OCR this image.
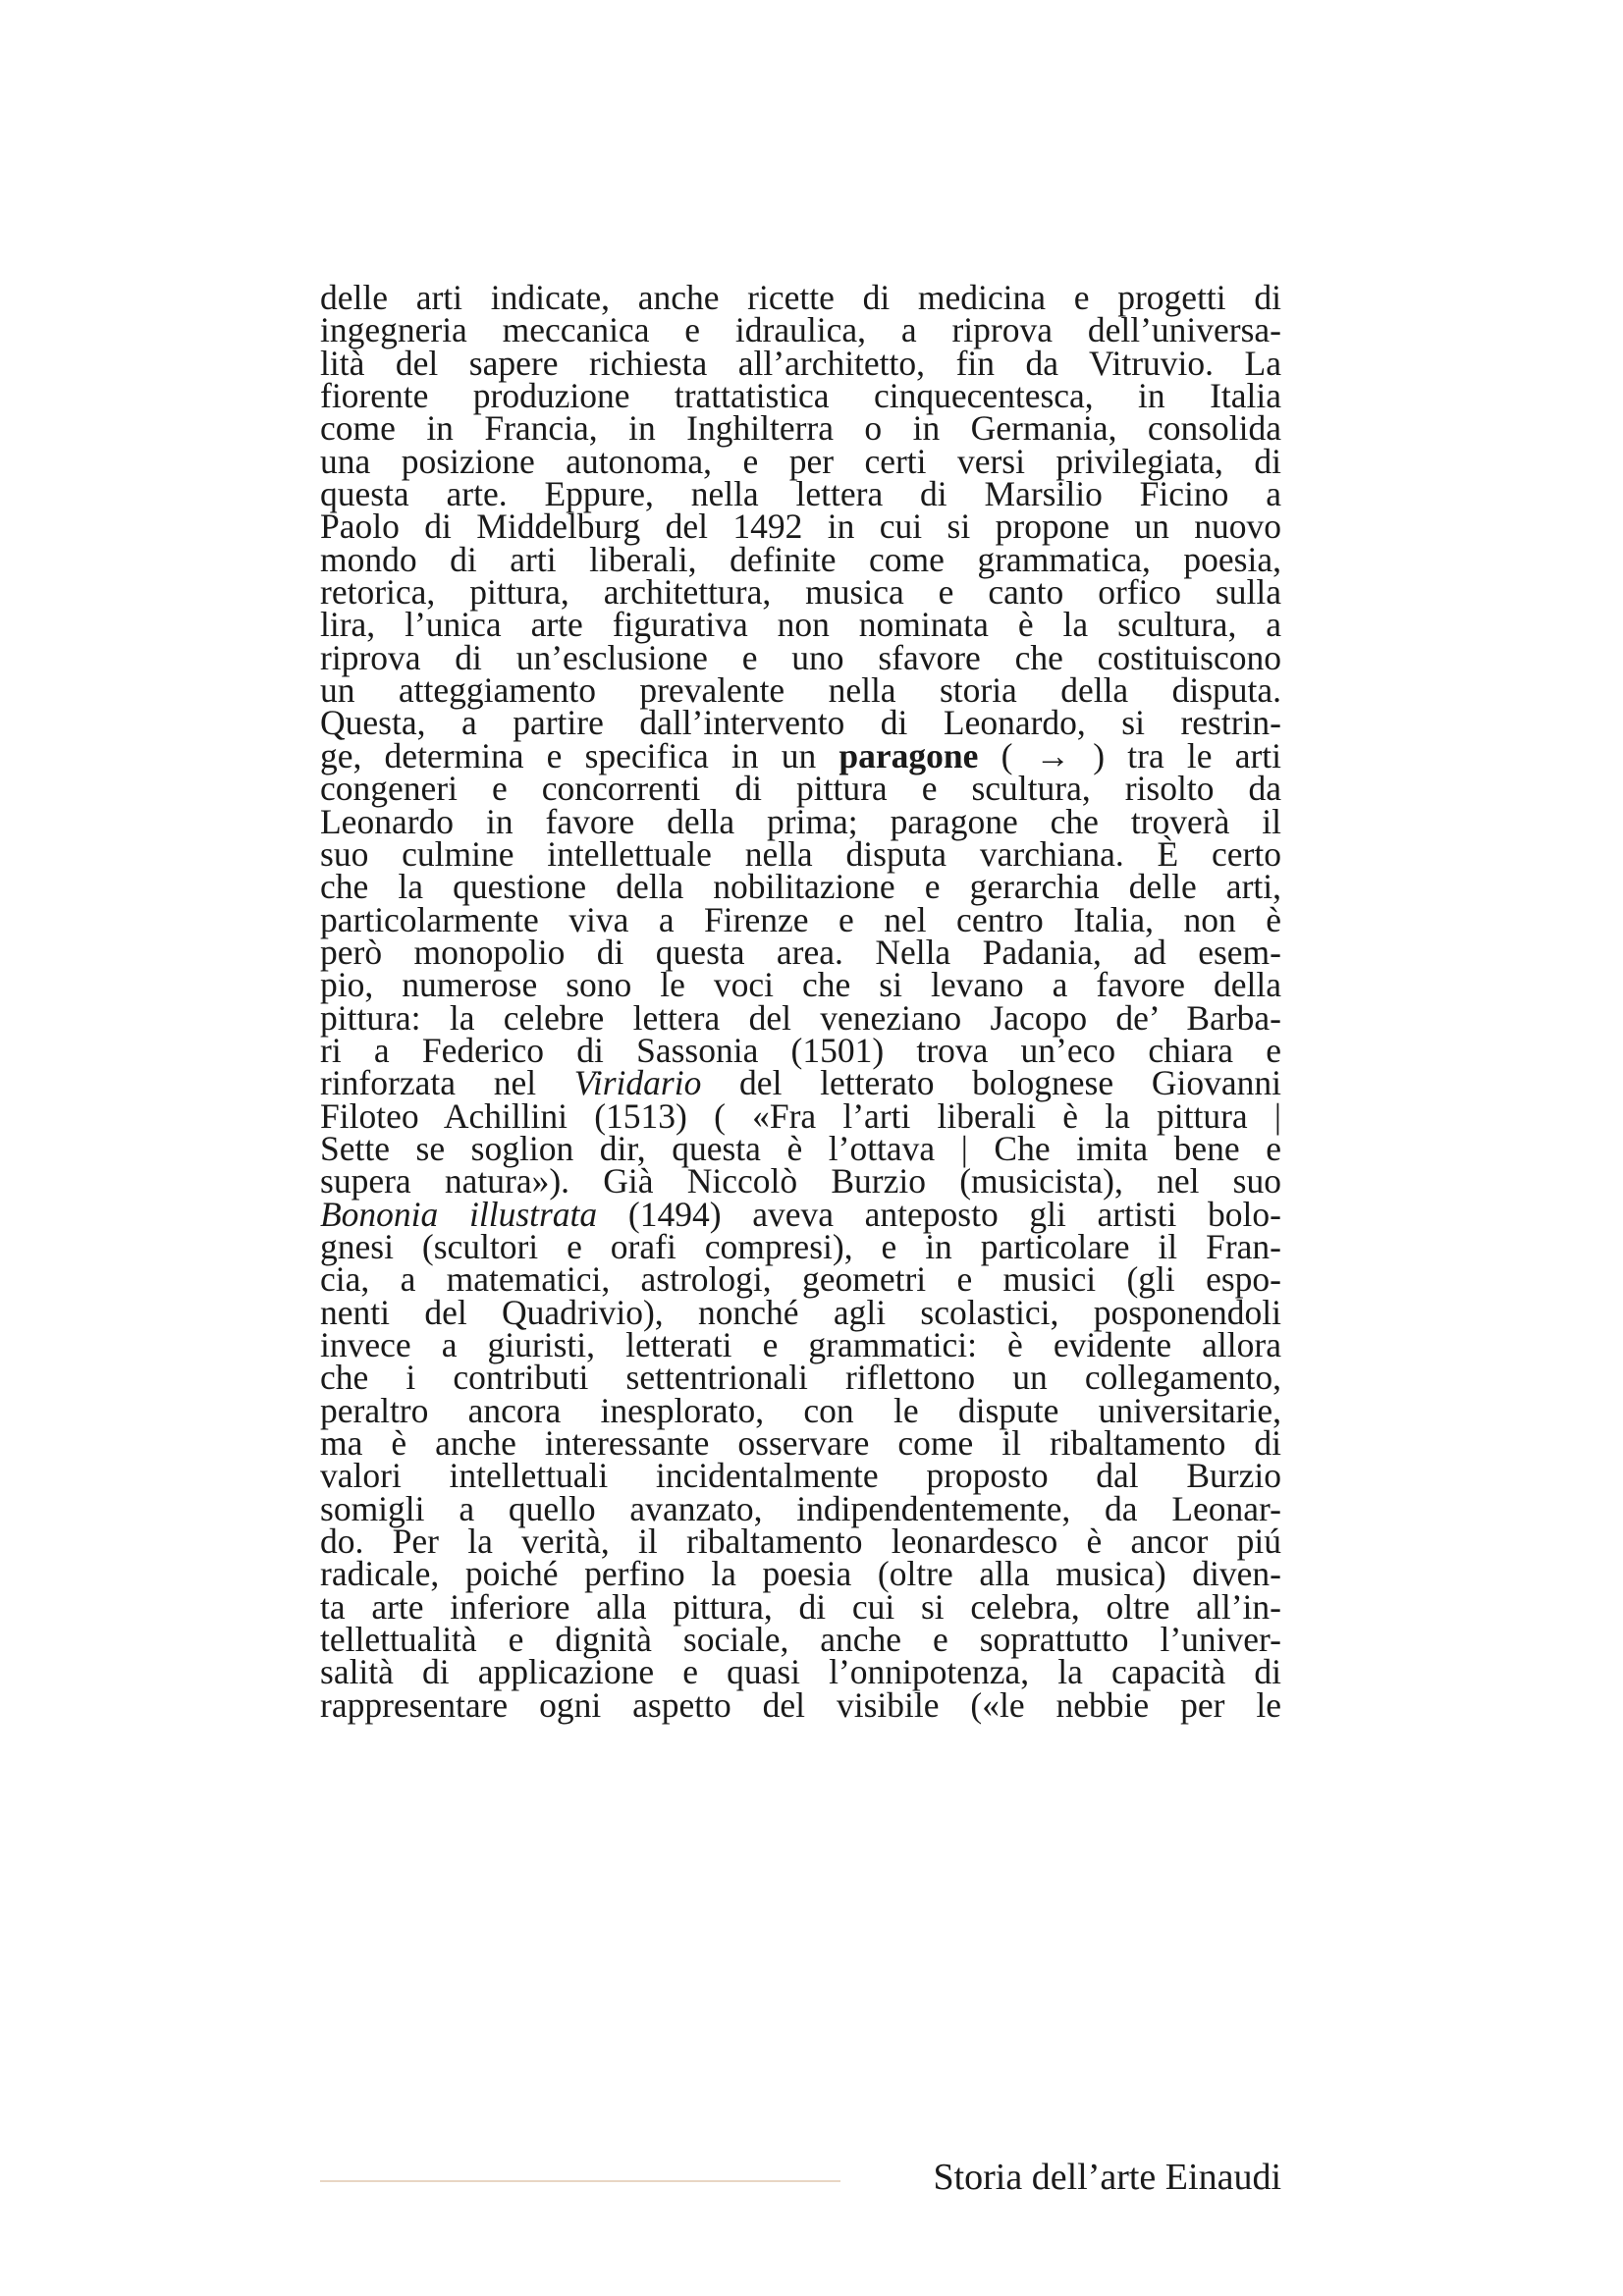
delle arti indicate, anche ricette di medicina e progetti di
ingegneria meccanica e idraulica, a riprova dell’universa-
lità del sapere richiesta all’architetto, fin da Vitruvio. La
fiorente produzione trattatistica cinquecentesca, in Italia
come in Francia, in Inghilterra o in Germania, consolida
una posizione autonoma, e per certi versi privilegiata, di
questa arte. Eppure, nella lettera di Marsilio Ficino a
Paolo di Middelburg del 1492 in cui si propone un nuovo
mondo di arti liberali, definite come grammatica, poesia,
retorica, pittura, architettura, musica e canto orfico sulla
lira, l’unica arte figurativa non nominata è la scultura, a
riprova di un’esclusione e uno sfavore che costituiscono
un atteggiamento prevalente nella storia della disputa.
Questa, a partire dall’intervento di Leonardo, si restrin-
ge, determina e specifica in un paragone ( → ) tra le arti
congeneri e concorrenti di pittura e scultura, risolto da
Leonardo in favore della prima; paragone che troverà il
suo culmine intellettuale nella disputa varchiana. È certo
che la questione della nobilitazione e gerarchia delle arti,
particolarmente viva a Firenze e nel centro Italia, non è
però monopolio di questa area. Nella Padania, ad esem-
pio, numerose sono le voci che si levano a favore della
pittura: la celebre lettera del veneziano Jacopo de’ Barba-
ri a Federico di Sassonia (1501) trova un’eco chiara e
rinforzata nel Viridario del letterato bolognese Giovanni
Filoteo Achillini (1513) ( «Fra l’arti liberali è la pittura |
Sette se soglion dir, questa è l’ottava | Che imita bene e
supera natura»). Già Niccolò Burzio (musicista), nel suo
Bononia illustrata (1494) aveva anteposto gli artisti bolo-
gnesi (scultori e orafi compresi), e in particolare il Fran-
cia, a matematici, astrologi, geometri e musici (gli espo-
nenti del Quadrivio), nonché agli scolastici, posponendoli
invece a giuristi, letterati e grammatici: è evidente allora
che i contributi settentrionali riflettono un collegamento,
peraltro ancora inesplorato, con le dispute universitarie,
ma è anche interessante osservare come il ribaltamento di
valori intellettuali incidentalmente proposto dal Burzio
somigli a quello avanzato, indipendentemente, da Leonar-
do. Per la verità, il ribaltamento leonardesco è ancor piú
radicale, poiché perfino la poesia (oltre alla musica) diven-
ta arte inferiore alla pittura, di cui si celebra, oltre all’in-
tellettualità e dignità sociale, anche e soprattutto l’univer-
salità di applicazione e quasi l’onnipotenza, la capacità di
rappresentare ogni aspetto del visibile («le nebbie per le
Storia dell’arte Einaudi
